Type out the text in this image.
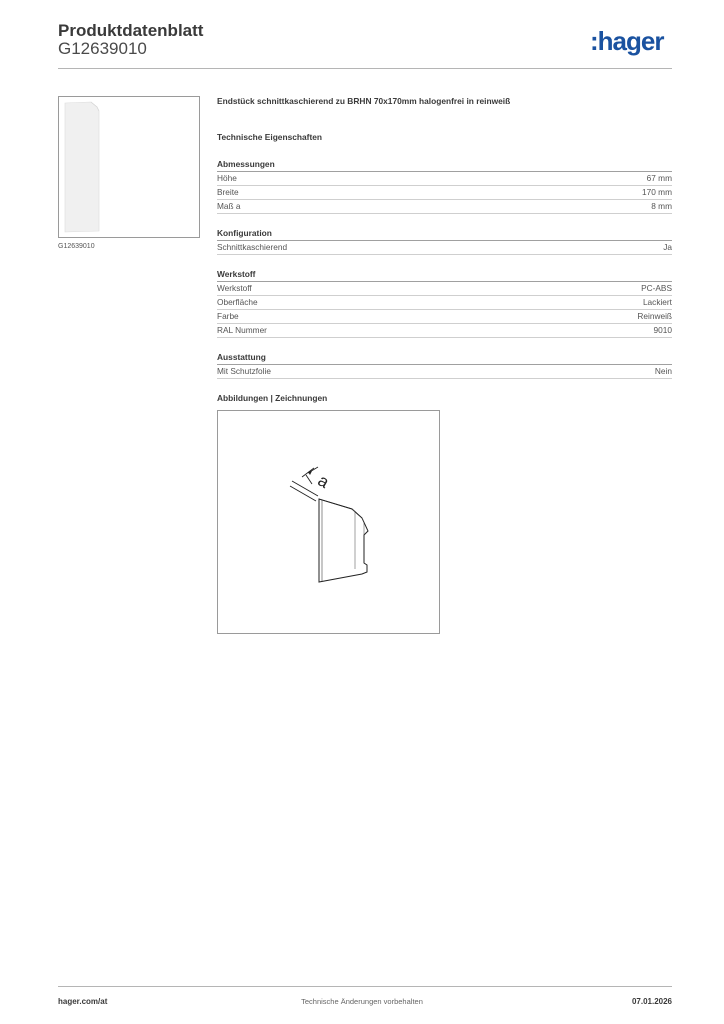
Produktdatenblatt
G12639010	:hager
G12639010

Endstück schnittkaschierend zu BRHN 70x170mm halogenfrei in reinweiß

Technische Eigenschaften
Abmessungen
Höhe	67 mm
Breite	170 mm
Maß a	8 mm
Konfiguration
Schnittkaschierend	Ja
Werkstoff
Werkstoff	PC-ABS
Oberfläche	Lackiert
Farbe	Reinweiß
RAL Nummer	9010
Ausstattung
Mit Schutzfolie	Nein
Abbildungen | Zeichnungen
a
hager.com/at	Technische Änderungen vorbehalten	07.01.2026
